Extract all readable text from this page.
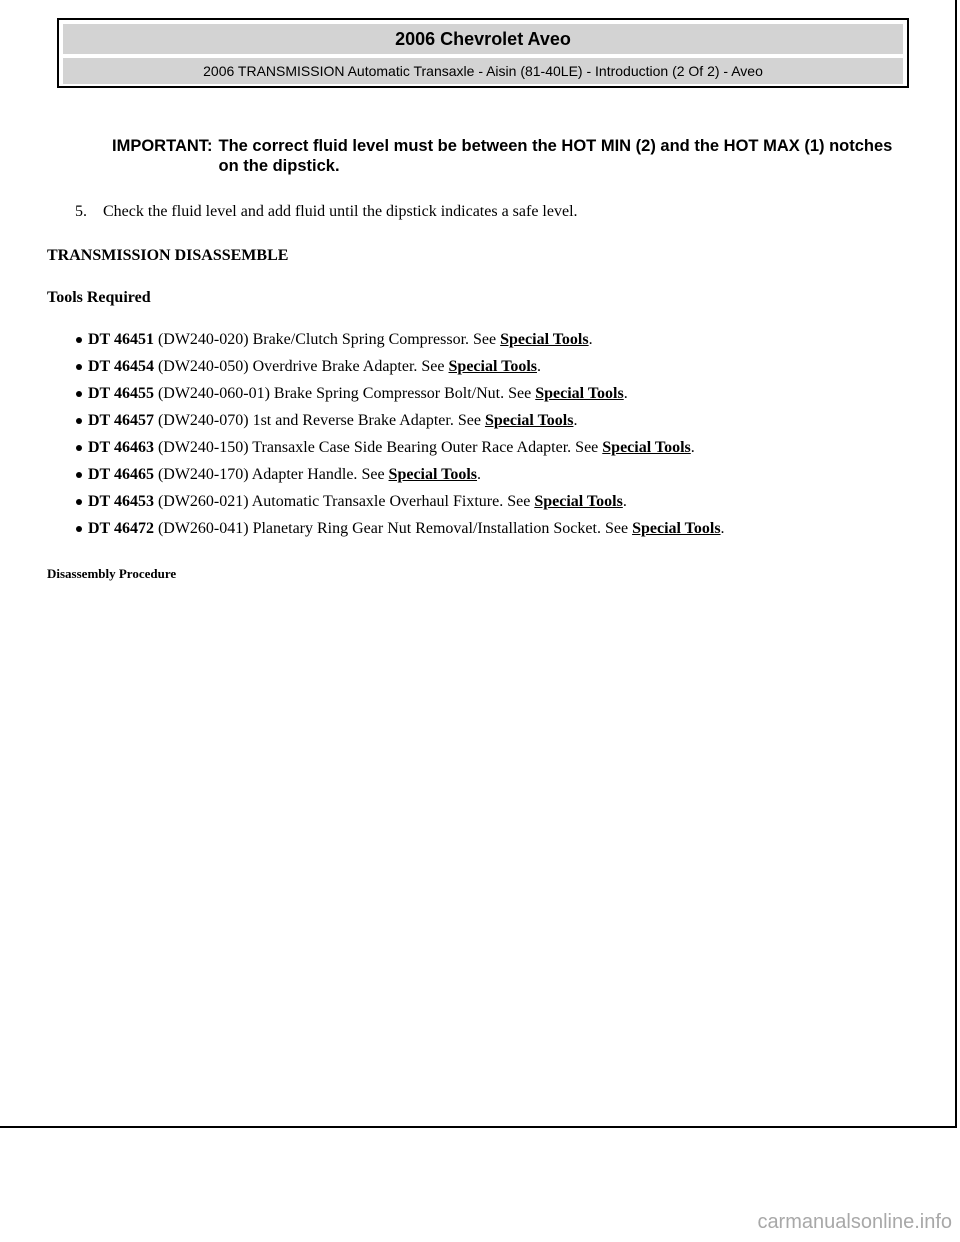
2006 Chevrolet Aveo
2006 TRANSMISSION Automatic Transaxle - Aisin (81-40LE) - Introduction (2 Of 2) - Aveo
IMPORTANT: The correct fluid level must be between the HOT MIN (2) and the HOT MAX (1) notches on the dipstick.
5. Check the fluid level and add fluid until the dipstick indicates a safe level.
TRANSMISSION DISASSEMBLE
Tools Required
DT 46451 (DW240-020) Brake/Clutch Spring Compressor. See Special Tools.
DT 46454 (DW240-050) Overdrive Brake Adapter. See Special Tools.
DT 46455 (DW240-060-01) Brake Spring Compressor Bolt/Nut. See Special Tools.
DT 46457 (DW240-070) 1st and Reverse Brake Adapter. See Special Tools.
DT 46463 (DW240-150) Transaxle Case Side Bearing Outer Race Adapter. See Special Tools.
DT 46465 (DW240-170) Adapter Handle. See Special Tools.
DT 46453 (DW260-021) Automatic Transaxle Overhaul Fixture. See Special Tools.
DT 46472 (DW260-041) Planetary Ring Gear Nut Removal/Installation Socket. See Special Tools.
Disassembly Procedure
carmanualsonline.info
